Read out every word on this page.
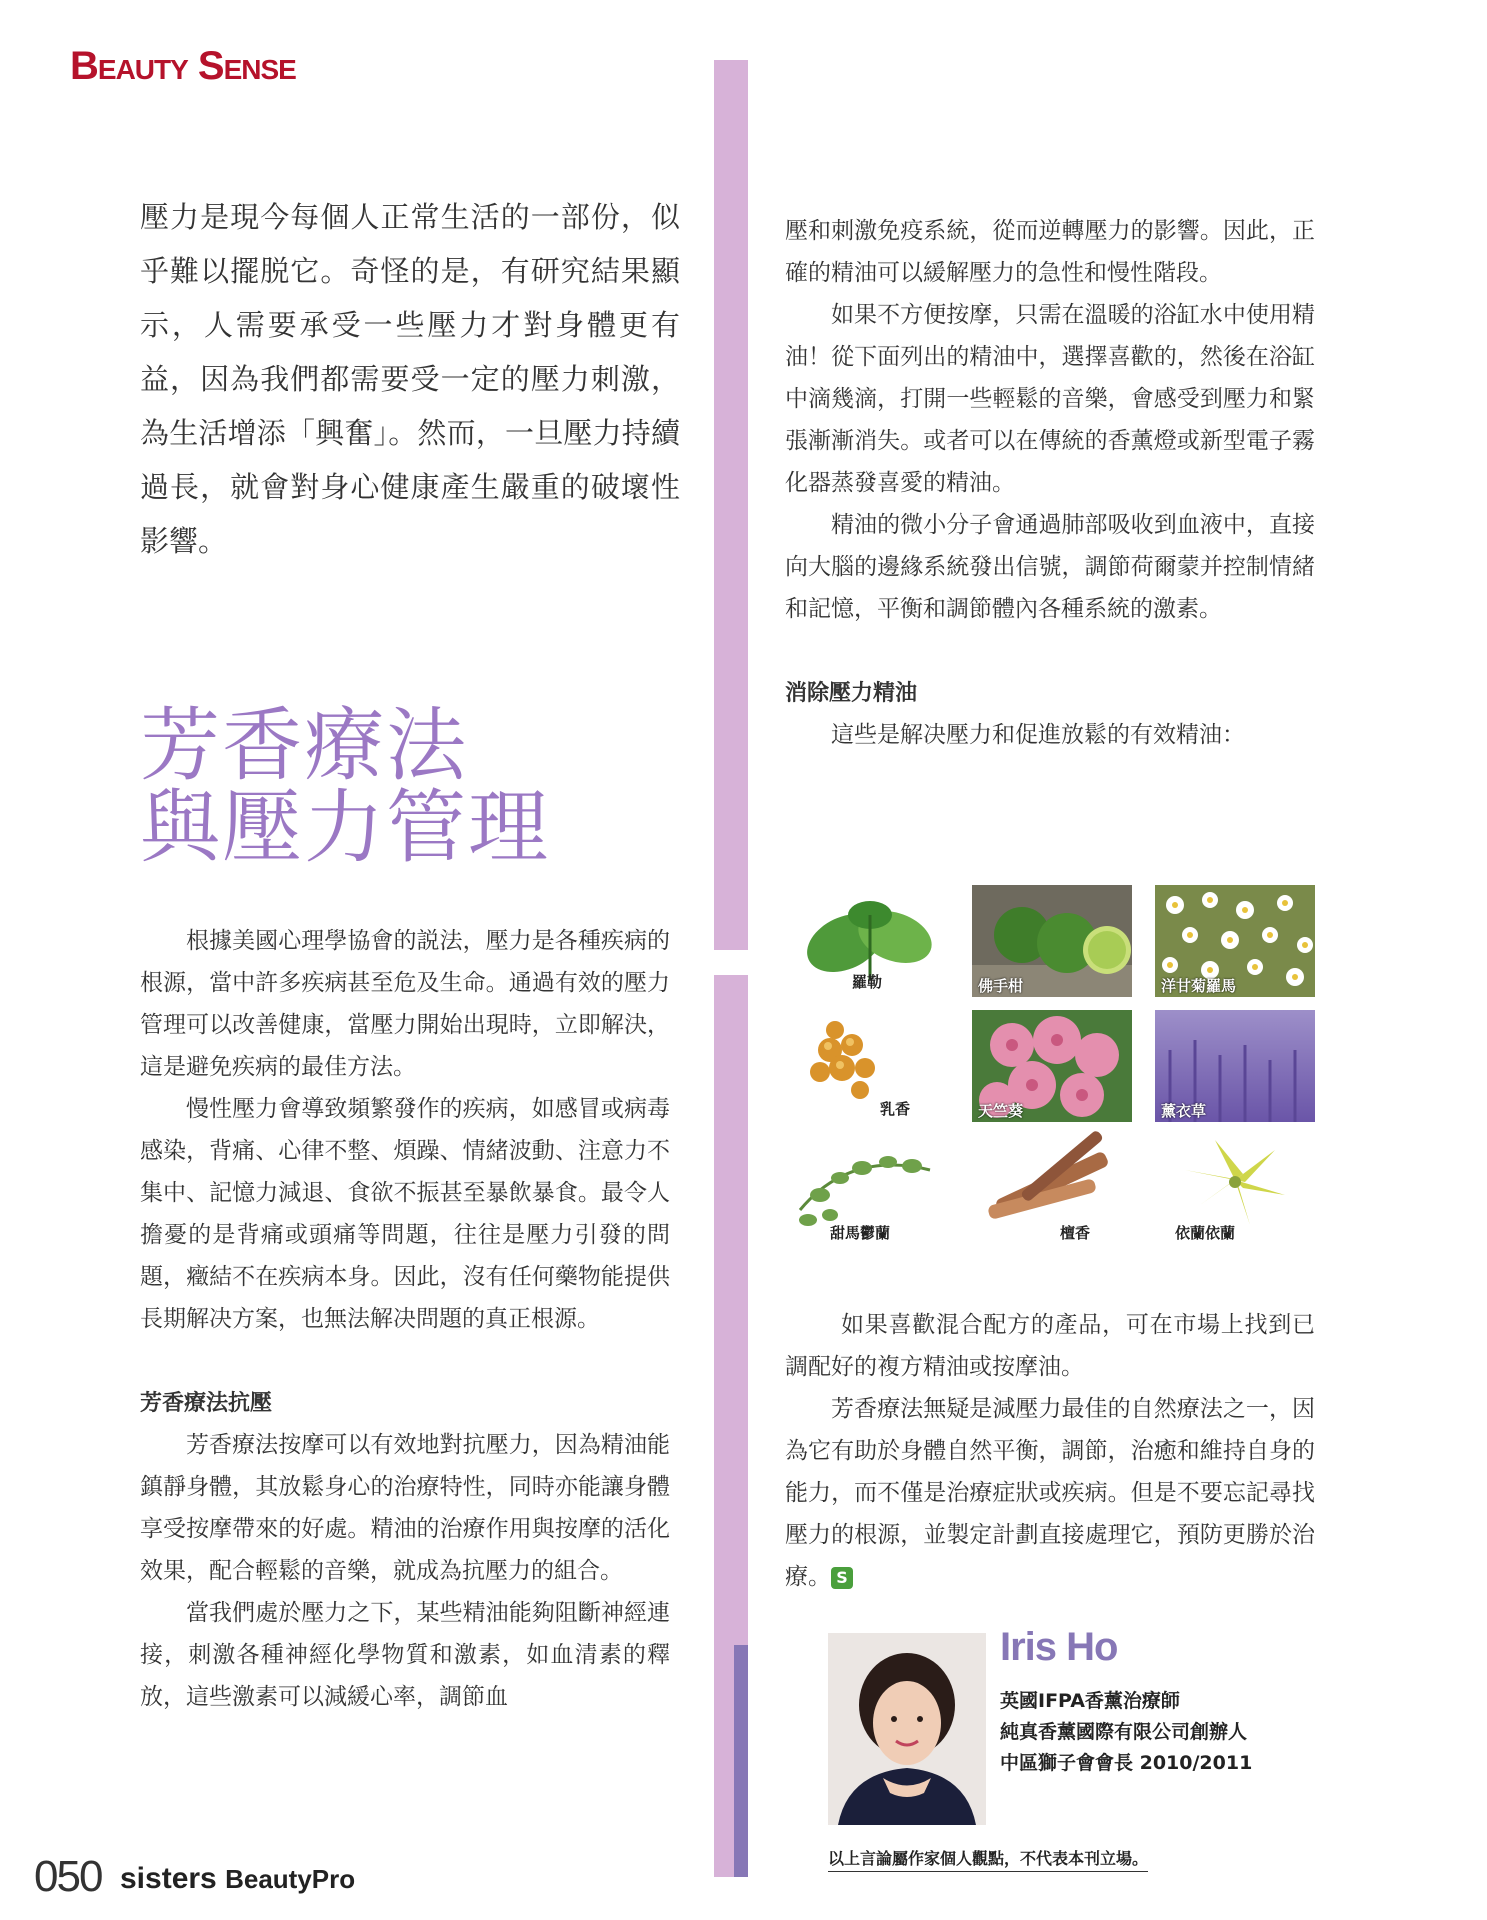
Beauty Sense

壓力是現今每個人正常生活的一部份，似乎難以擺脱它。奇怪的是，有研究結果顯示，人需要承受一些壓力才對身體更有益，因為我們都需要受一定的壓力刺激，為生活增添「興奮」。然而，一旦壓力持續過長，就會對身心健康產生嚴重的破壞性影響。

芳香療法
與壓力管理

根據美國心理學協會的説法，壓力是各種疾病的根源，當中許多疾病甚至危及生命。通過有效的壓力管理可以改善健康，當壓力開始出現時，立即解決，這是避免疾病的最佳方法。

慢性壓力會導致頻繁發作的疾病，如感冒或病毒感染，背痛、心律不整、煩躁、情緒波動、注意力不集中、記憶力減退、食欲不振甚至暴飲暴食。最令人擔憂的是背痛或頭痛等問題，往往是壓力引發的問題，癥結不在疾病本身。因此，沒有任何藥物能提供長期解决方案，也無法解决問題的真正根源。

芳香療法抗壓

芳香療法按摩可以有效地對抗壓力，因為精油能鎮靜身體，其放鬆身心的治療特性，同時亦能讓身體享受按摩帶來的好處。精油的治療作用與按摩的活化效果，配合輕鬆的音樂，就成為抗壓力的組合。

當我們處於壓力之下，某些精油能夠阻斷神經連接，刺激各種神經化學物質和激素，如血清素的釋放，這些激素可以減緩心率，調節血

壓和刺激免疫系統，從而逆轉壓力的影響。因此，正確的精油可以緩解壓力的急性和慢性階段。

如果不方便按摩，只需在溫暖的浴缸水中使用精油！從下面列出的精油中，選擇喜歡的，然後在浴缸中滴幾滴，打開一些輕鬆的音樂，會感受到壓力和緊張漸漸消失。或者可以在傳統的香薰燈或新型電子霧化器蒸發喜愛的精油。

精油的微小分子會通過肺部吸收到血液中，直接向大腦的邊緣系統發出信號，調節荷爾蒙并控制情緒和記憶，平衡和調節體內各種系統的激素。

消除壓力精油

這些是解决壓力和促進放鬆的有效精油：

羅勒	佛手柑	洋甘菊羅馬
乳香	天竺葵	薰衣草
甜馬鬱蘭	檀香	依蘭依蘭

如果喜歡混合配方的產品，可在市場上找到已調配好的複方精油或按摩油。

芳香療法無疑是減壓力最佳的自然療法之一，因為它有助於身體自然平衡，調節，治癒和維持自身的能力，而不僅是治療症狀或疾病。但是不要忘記尋找壓力的根源，並製定計劃直接處理它，預防更勝於治療。 S

Iris Ho
英國IFPA香薰治療師
純真香薰國際有限公司創辦人
中區獅子會會長 2010/2011
以上言論屬作家個人觀點，不代表本刊立場。
050 sisters BeautyPro
